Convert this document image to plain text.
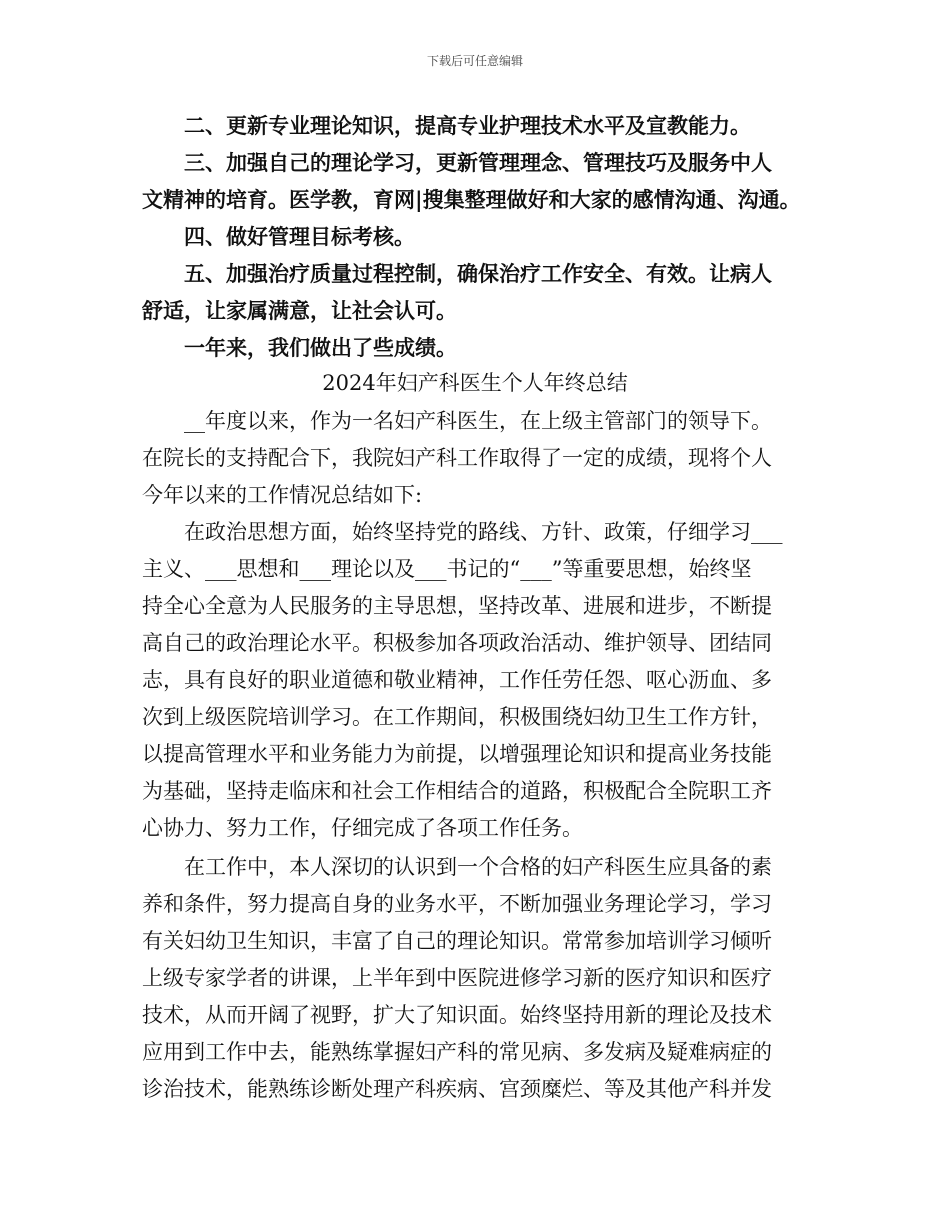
下载后可任意编辑
　　二、更新专业理论知识，提高专业护理技术水平及宣教能力。
　　三、加强自己的理论学习，更新管理理念、管理技巧及服务中人
文精神的培育。医学教，育网|搜集整理做好和大家的感情沟通、沟通。
　　四、做好管理目标考核。
　　五、加强治疗质量过程控制，确保治疗工作安全、有效。让病人
舒适，让家属满意，让社会认可。
　　一年来，我们做出了些成绩。
2024年妇产科医生个人年终总结
　　__年度以来，作为一名妇产科医生，在上级主管部门的领导下。
在院长的支持配合下，我院妇产科工作取得了一定的成绩，现将个人
今年以来的工作情况总结如下:
　　在政治思想方面，始终坚持党的路线、方针、政策，仔细学习___
主义、___思想和___理论以及___书记的“___”等重要思想，始终坚
持全心全意为人民服务的主导思想，坚持改革、进展和进步，不断提
高自己的政治理论水平。积极参加各项政治活动、维护领导、团结同
志，具有良好的职业道德和敬业精神，工作任劳任怨、呕心沥血、多
次到上级医院培训学习。在工作期间，积极围绕妇幼卫生工作方针，
以提高管理水平和业务能力为前提，以增强理论知识和提高业务技能
为基础，坚持走临床和社会工作相结合的道路，积极配合全院职工齐
心协力、努力工作，仔细完成了各项工作任务。
　　在工作中，本人深切的认识到一个合格的妇产科医生应具备的素
养和条件，努力提高自身的业务水平，不断加强业务理论学习，学习
有关妇幼卫生知识，丰富了自己的理论知识。常常参加培训学习倾听
上级专家学者的讲课，上半年到中医院进修学习新的医疗知识和医疗
技术，从而开阔了视野，扩大了知识面。始终坚持用新的理论及技术
应用到工作中去，能熟练掌握妇产科的常见病、多发病及疑难病症的
诊治技术，能熟练诊断处理产科疾病、宫颈糜烂、等及其他产科并发
